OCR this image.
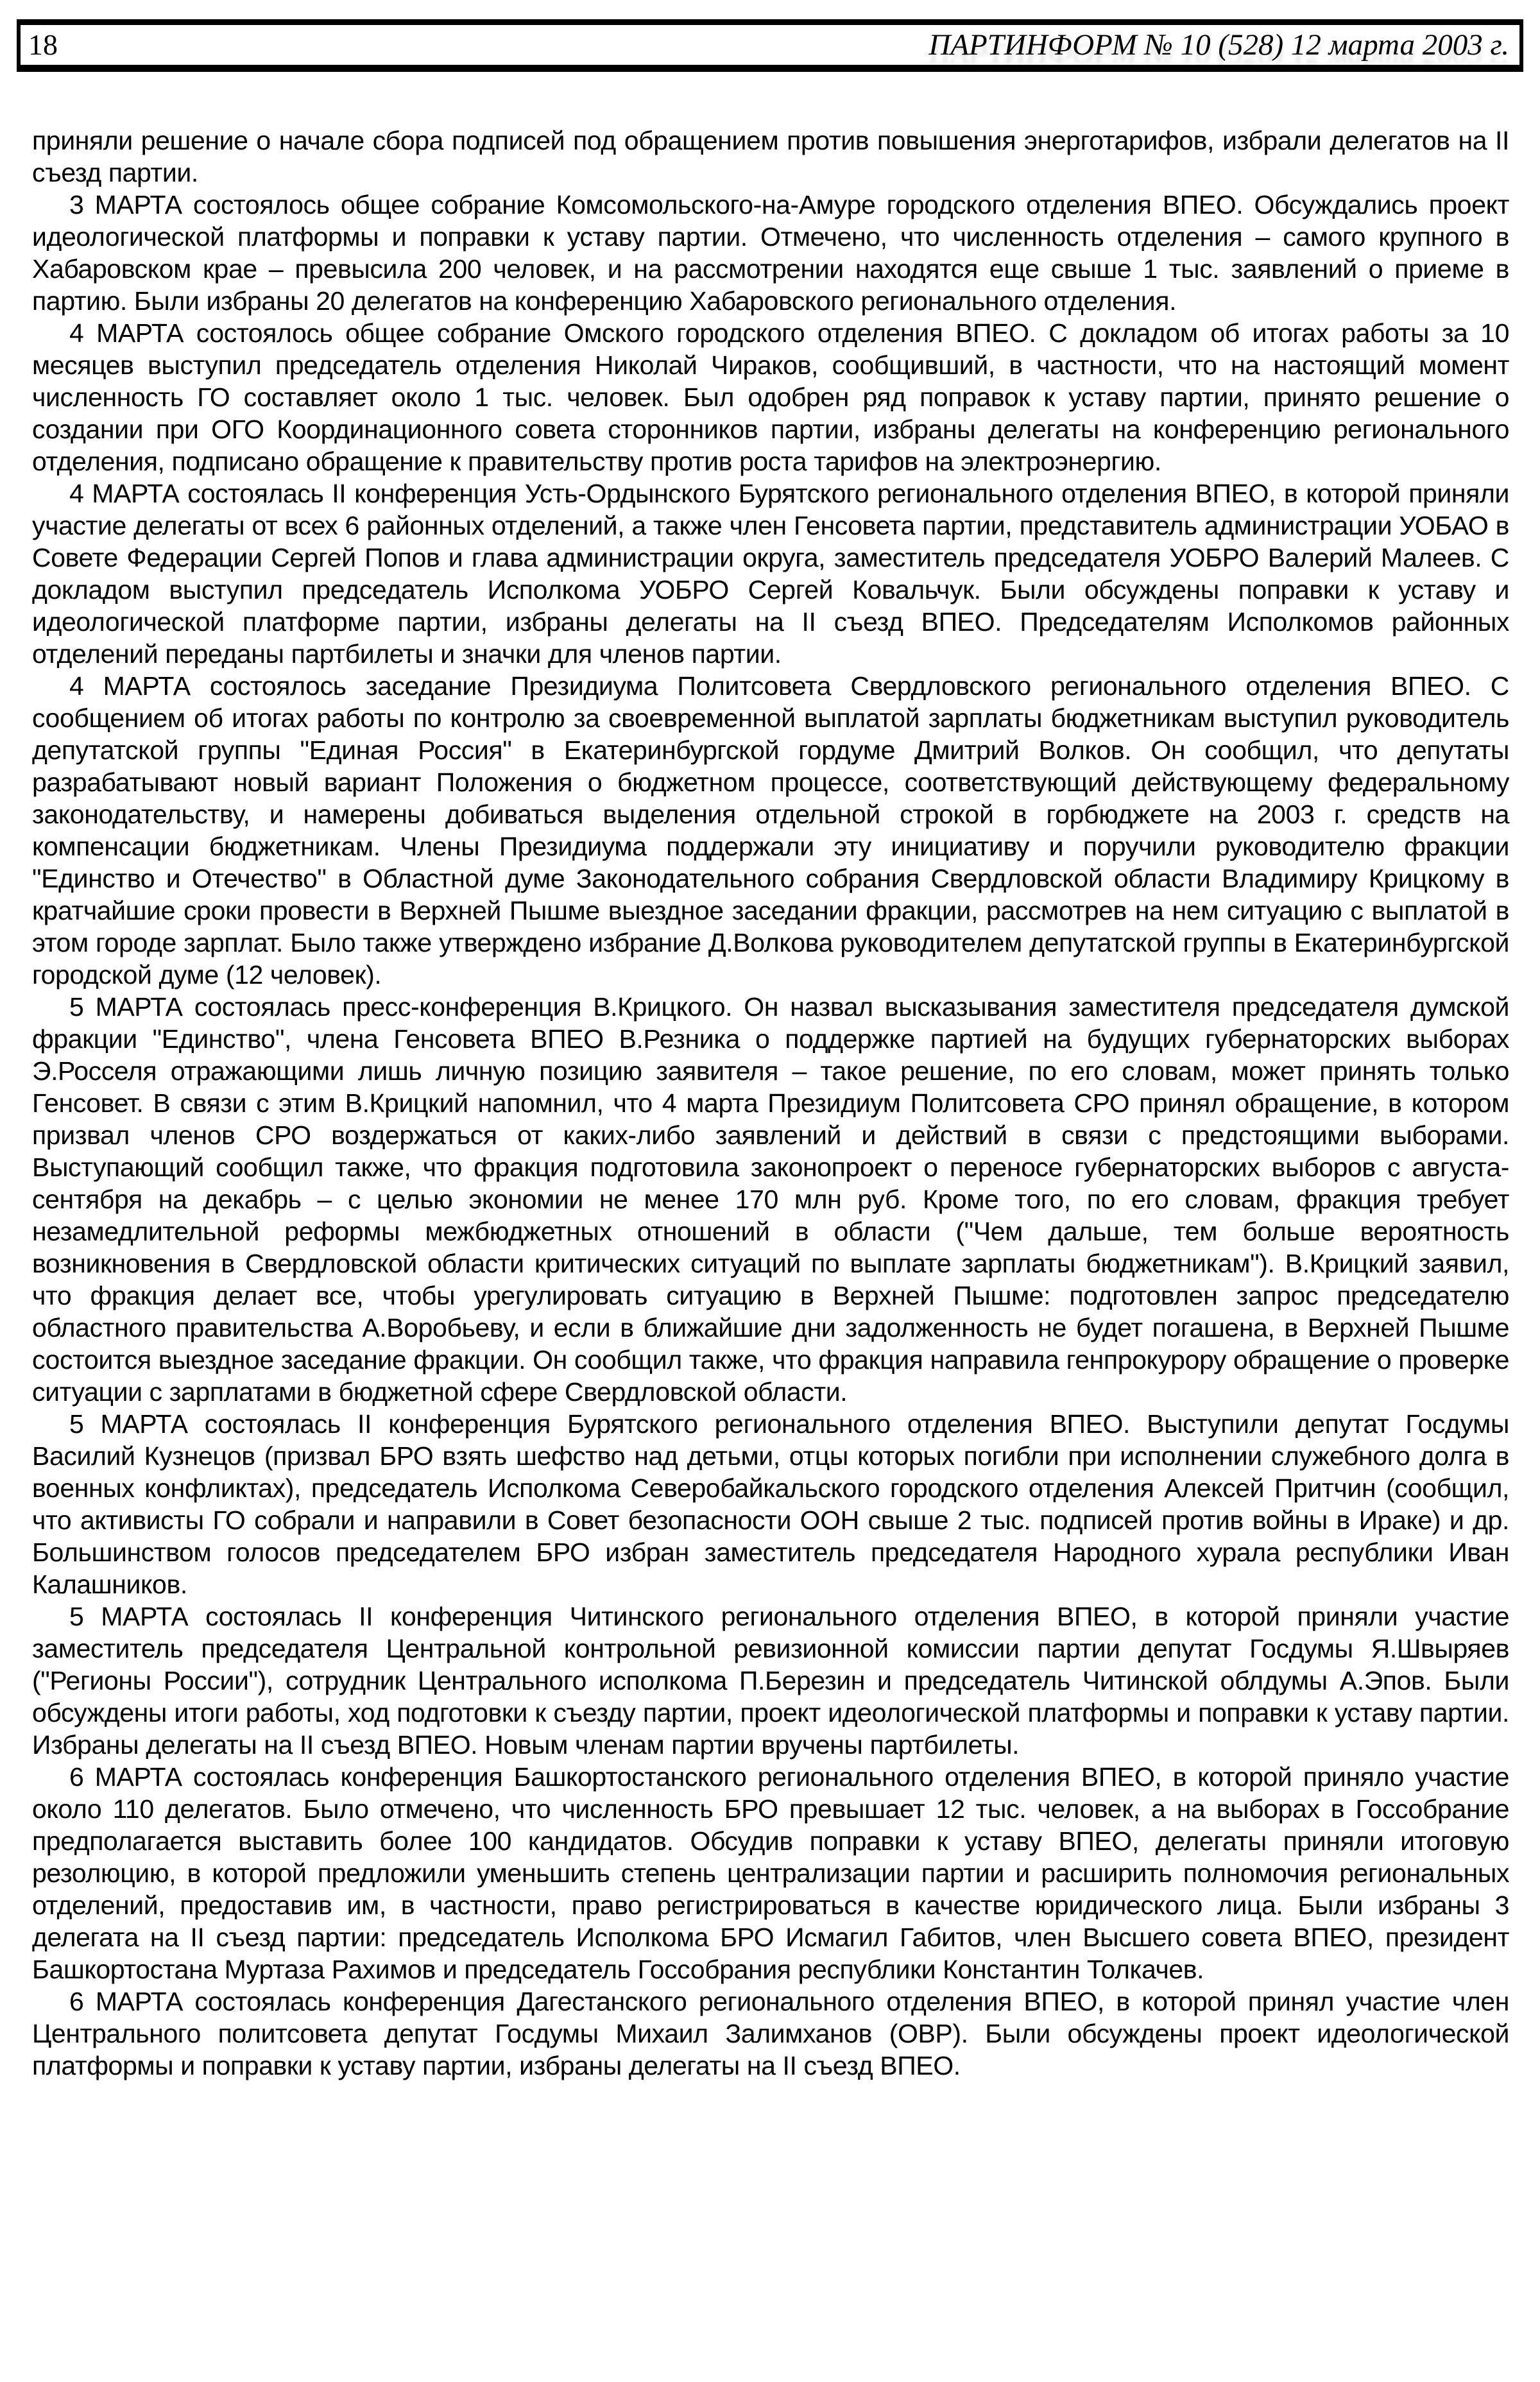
18	ПАРТИНФОРМ № 10 (528) 12 марта 2003 г.

приняли решение о начале сбора подписей под обращением против повышения энерготарифов, избрали делегатов на II съезд партии.

3 МАРТА состоялось общее собрание Комсомольского-на-Амуре городского отделения ВПЕО. Обсуждались проект идеологической платформы и поправки к уставу партии. Отмечено, что численность отделения – самого крупного в Хабаровском крае – превысила 200 человек, и на рассмотрении находятся еще свыше 1 тыс. заявлений о приеме в партию. Были избраны 20 делегатов на конференцию Хабаровского регионального отделения.

4 МАРТА состоялось общее собрание Омского городского отделения ВПЕО. С докладом об итогах работы за 10 месяцев выступил председатель отделения Николай Чираков, сообщивший, в частности, что на настоящий момент численность ГО составляет около 1 тыс. человек. Был одобрен ряд поправок к уставу партии, принято решение о создании при ОГО Координационного совета сторонников партии, избраны делегаты на конференцию регионального отделения, подписано обращение к правительству против роста тарифов на электроэнергию.

4 МАРТА состоялась II конференция Усть-Ордынского Бурятского регионального отделения ВПЕО, в которой приняли участие делегаты от всех 6 районных отделений, а также член Генсовета партии, представитель администрации УОБАО в Совете Федерации Сергей Попов и глава администрации округа, заместитель председателя УОБРО Валерий Малеев. С докладом выступил председатель Исполкома УОБРО Сергей Ковальчук. Были обсуждены поправки к уставу и идеологической платформе партии, избраны делегаты на II съезд ВПЕО. Председателям Исполкомов районных отделений переданы партбилеты и значки для членов партии.

4 МАРТА состоялось заседание Президиума Политсовета Свердловского регионального отделения ВПЕО. С сообщением об итогах работы по контролю за своевременной выплатой зарплаты бюджетникам выступил руководитель депутатской группы "Единая Россия" в Екатеринбургской гордуме Дмитрий Волков. Он сообщил, что депутаты разрабатывают новый вариант Положения о бюджетном процессе, соответствующий действующему федеральному законодательству, и намерены добиваться выделения отдельной строкой в горбюджете на 2003 г. средств на компенсации бюджетникам. Члены Президиума поддержали эту инициативу и поручили руководителю фракции "Единство и Отечество" в Областной думе Законодательного собрания Свердловской области Владимиру Крицкому в кратчайшие сроки провести в Верхней Пышме выездное заседании фракции, рассмотрев на нем ситуацию с выплатой в этом городе зарплат. Было также утверждено избрание Д.Волкова руководителем депутатской группы в Екатеринбургской городской думе (12 человек).

5 МАРТА состоялась пресс-конференция В.Крицкого. Он назвал высказывания заместителя председателя думской фракции "Единство", члена Генсовета ВПЕО В.Резника о поддержке партией на будущих губернаторских выборах Э.Росселя отражающими лишь личную позицию заявителя – такое решение, по его словам, может принять только Генсовет. В связи с этим В.Крицкий напомнил, что 4 марта Президиум Политсовета СРО принял обращение, в котором призвал членов СРО воздержаться от каких-либо заявлений и действий в связи с предстоящими выборами. Выступающий сообщил также, что фракция подготовила законопроект о переносе губернаторских выборов с августа-сентября на декабрь – с целью экономии не менее 170 млн руб. Кроме того, по его словам, фракция требует незамедлительной реформы межбюджетных отношений в области ("Чем дальше, тем больше вероятность возникновения в Свердловской области критических ситуаций по выплате зарплаты бюджетникам"). В.Крицкий заявил, что фракция делает все, чтобы урегулировать ситуацию в Верхней Пышме: подготовлен запрос председателю областного правительства А.Воробьеву, и если в ближайшие дни задолженность не будет погашена, в Верхней Пышме состоится выездное заседание фракции. Он сообщил также, что фракция направила генпрокурору обращение о проверке ситуации с зарплатами в бюджетной сфере Свердловской области.

5 МАРТА состоялась II конференция Бурятского регионального отделения ВПЕО. Выступили депутат Госдумы Василий Кузнецов (призвал БРО взять шефство над детьми, отцы которых погибли при исполнении служебного долга в военных конфликтах), председатель Исполкома Северобайкальского городского отделения Алексей Притчин (сообщил, что активисты ГО собрали и направили в Совет безопасности ООН свыше 2 тыс. подписей против войны в Ираке) и др. Большинством голосов председателем БРО избран заместитель председателя Народного хурала республики Иван Калашников.

5 МАРТА состоялась II конференция Читинского регионального отделения ВПЕО, в которой приняли участие заместитель председателя Центральной контрольной ревизионной комиссии партии депутат Госдумы Я.Швыряев ("Регионы России"), сотрудник Центрального исполкома П.Березин и председатель Читинской облдумы А.Эпов. Были обсуждены итоги работы, ход подготовки к съезду партии, проект идеологической платформы и поправки к уставу партии. Избраны делегаты на II съезд ВПЕО. Новым членам партии вручены партбилеты.

6 МАРТА состоялась конференция Башкортостанского регионального отделения ВПЕО, в которой приняло участие около 110 делегатов. Было отмечено, что численность БРО превышает 12 тыс. человек, а на выборах в Госсобрание предполагается выставить более 100 кандидатов. Обсудив поправки к уставу ВПЕО, делегаты приняли итоговую резолюцию, в которой предложили уменьшить степень централизации партии и расширить полномочия региональных отделений, предоставив им, в частности, право регистрироваться в качестве юридического лица. Были избраны 3 делегата на II съезд партии: председатель Исполкома БРО Исмагил Габитов, член Высшего совета ВПЕО, президент Башкортостана Муртаза Рахимов и председатель Госсобрания республики Константин Толкачев.

6 МАРТА состоялась конференция Дагестанского регионального отделения ВПЕО, в которой принял участие член Центрального политсовета депутат Госдумы Михаил Залимханов (ОВР). Были обсуждены проект идеологической платформы и поправки к уставу партии, избраны делегаты на II съезд ВПЕО.
